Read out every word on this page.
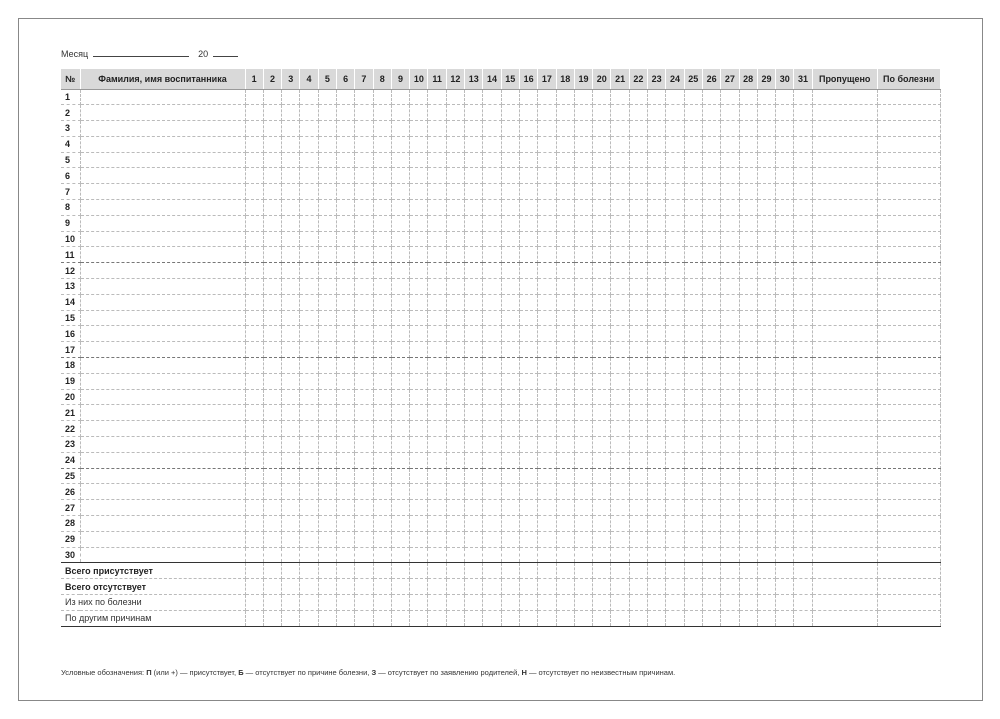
Месяц	20
№	Фамилия, имя воспитанника	1	2	3	4	5	6	7	8	9	10	11	12	13	14	15	16	17	18	19	20	21	22	23	24	25	26	27	28	29	30	31	Пропущено	По болезни
1																																		
2																																		
3																																		
4																																		
5																																		
6																																		
7																																		
8																																		
9																																		
10																																		
11																																		
12																																		
13																																		
14																																		
15																																		
16																																		
17																																		
18																																		
19																																		
20																																		
21																																		
22																																		
23																																		
24																																		
25																																		
26																																		
27																																		
28																																		
29																																		
30																																		
Всего присутствует																																		
Всего отсутствует																																		
Из них по болезни																																		
По другим причинам																																		
Условные обозначения: П (или +) — присутствует, Б — отсутствует по причине болезни, З — отсутствует по заявлению родителей, Н — отсутствует по неизвестным причинам.
